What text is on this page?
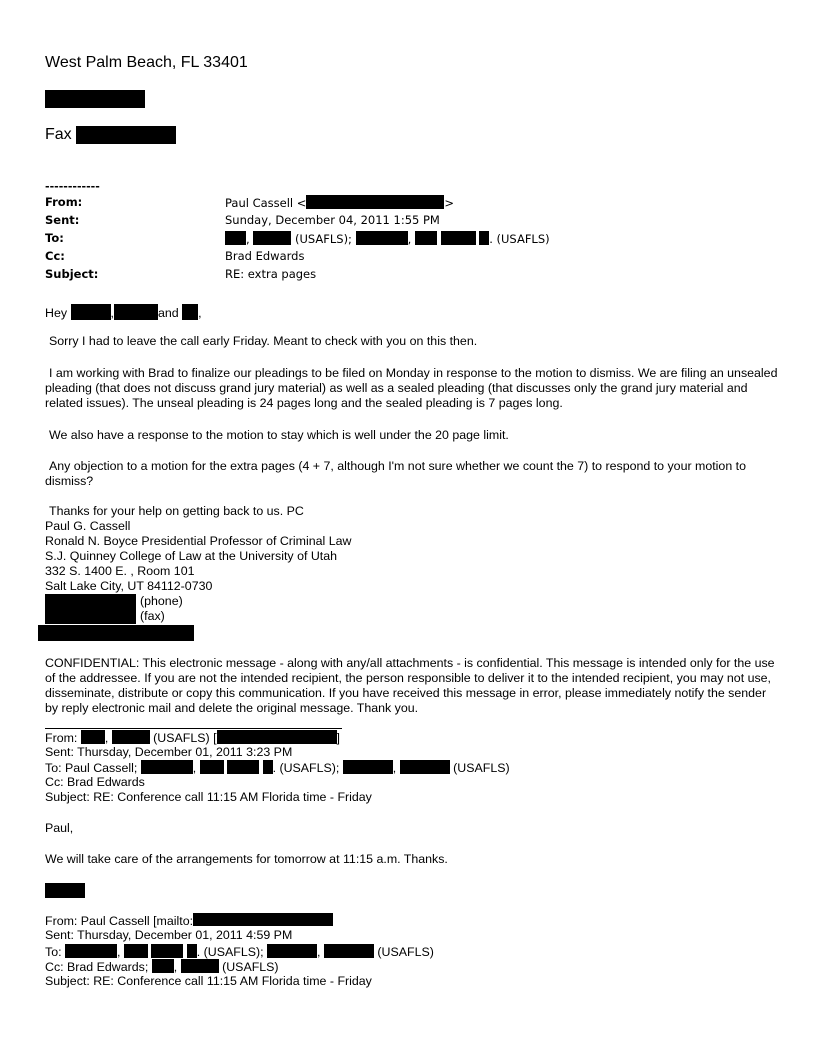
West Palm Beach, FL 33401
Fax
------------
From:	Paul Cassell <	>
Sent:	Sunday, December 04, 2011 1:55 PM
To:	,	(USAFLS);	,	. (USAFLS)
Cc:	Brad Edwards
Subject:	RE: extra pages
Hey	,	and ,

Sorry I had to leave the call early Friday. Meant to check with you on this then.

I am working with Brad to finalize our pleadings to be filed on Monday in response to the motion to dismiss. We are filing an unsealed pleading (that does not discuss grand jury material) as well as a sealed pleading (that discusses only the grand jury material and related issues). The unseal pleading is 24 pages long and the sealed pleading is 7 pages long.

We also have a response to the motion to stay which is well under the 20 page limit.

Any objection to a motion for the extra pages (4 + 7, although I'm not sure whether we count the 7) to respond to your motion to dismiss?

Thanks for your help on getting back to us. PC

Paul G. Cassell
Ronald N. Boyce Presidential Professor of Criminal Law
S.J. Quinney College of Law at the University of Utah
332 S. 1400 E. , Room 101
Salt Lake City, UT 84112-0730
(phone)
(fax)

CONFIDENTIAL: This electronic message - along with any/all attachments - is confidential. This message is intended only for the use of the addressee. If you are not the intended recipient, the person responsible to deliver it to the intended recipient, you may not use, disseminate, distribute or copy this communication. If you have received this message in error, please immediately notify the sender by reply electronic mail and delete the original message. Thank you.

From: ,	(USAFLS) [	]
Sent: Thursday, December 01, 2011 3:23 PM
To: Paul Cassell;	,	. (USAFLS);	,	(USAFLS)
Cc: Brad Edwards
Subject: RE: Conference call 11:15 AM Florida time - Friday
Paul,
We will take care of the arrangements for tomorrow at 11:15 a.m. Thanks.
From: Paul Cassell [mailto:
Sent: Thursday, December 01, 2011 4:59 PM
To:	,	. (USAFLS);	,	(USAFLS)
Cc: Brad Edwards; ,	(USAFLS)
Subject: RE: Conference call 11:15 AM Florida time - Friday
